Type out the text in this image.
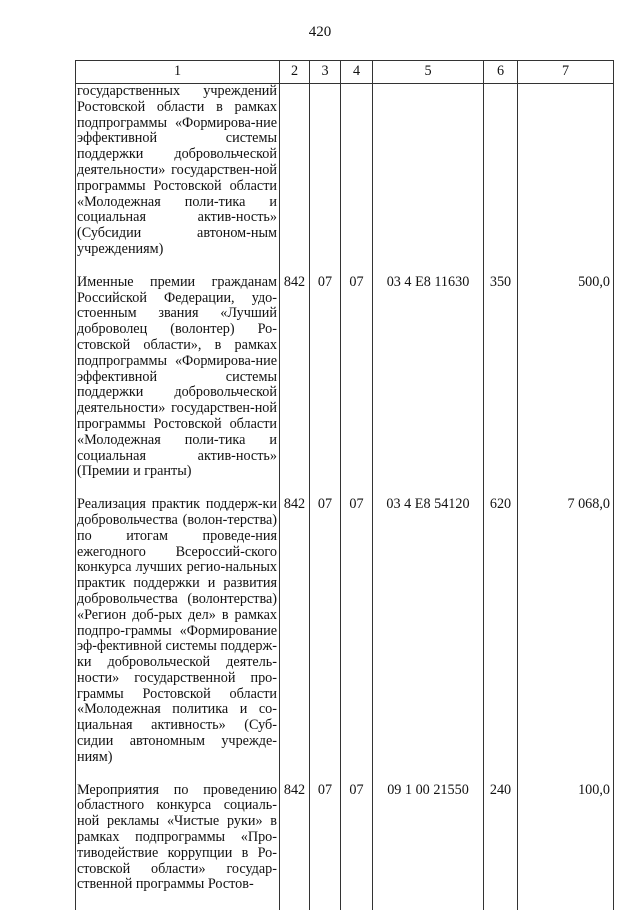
420
1	2	3	4	5	6	7
государственных учреждений Ростовской области в рамках подпрограммы «Формирова-ние эффективной системы поддержки добровольческой деятельности» государствен-ной программы Ростовской области «Молодежная поли-тика и социальная актив-ность» (Субсидии автоном-ным учреждениям)						
Именные премии гражданам Российской Федерации, удо-стоенным звания «Лучший доброволец (волонтер) Ро-стовской области», в рамках подпрограммы «Формирова-ние эффективной системы поддержки добровольческой деятельности» государствен-ной программы Ростовской области «Молодежная поли-тика и социальная актив-ность» (Премии и гранты)	842	07	07	03 4 E8 11630	350	500,0
Реализация практик поддерж-ки добровольчества (волон-терства) по итогам проведе-ния ежегодного Всероссий-ского конкурса лучших регио-нальных практик поддержки и развития добровольчества (волонтерства) «Регион доб-рых дел» в рамках подпро-граммы «Формирование эф-фективной системы поддерж-ки добровольческой деятель-ности» государственной про-граммы Ростовской области «Молодежная политика и со-циальная активность» (Суб-сидии автономным учрежде-ниям)	842	07	07	03 4 E8 54120	620	7 068,0
Мероприятия по проведению областного конкурса социаль-ной рекламы «Чистые руки» в рамках подпрограммы «Про-тиводействие коррупции в Ро-стовской области» государ-ственной программы Ростов-	842	07	07	09 1 00 21550	240	100,0
